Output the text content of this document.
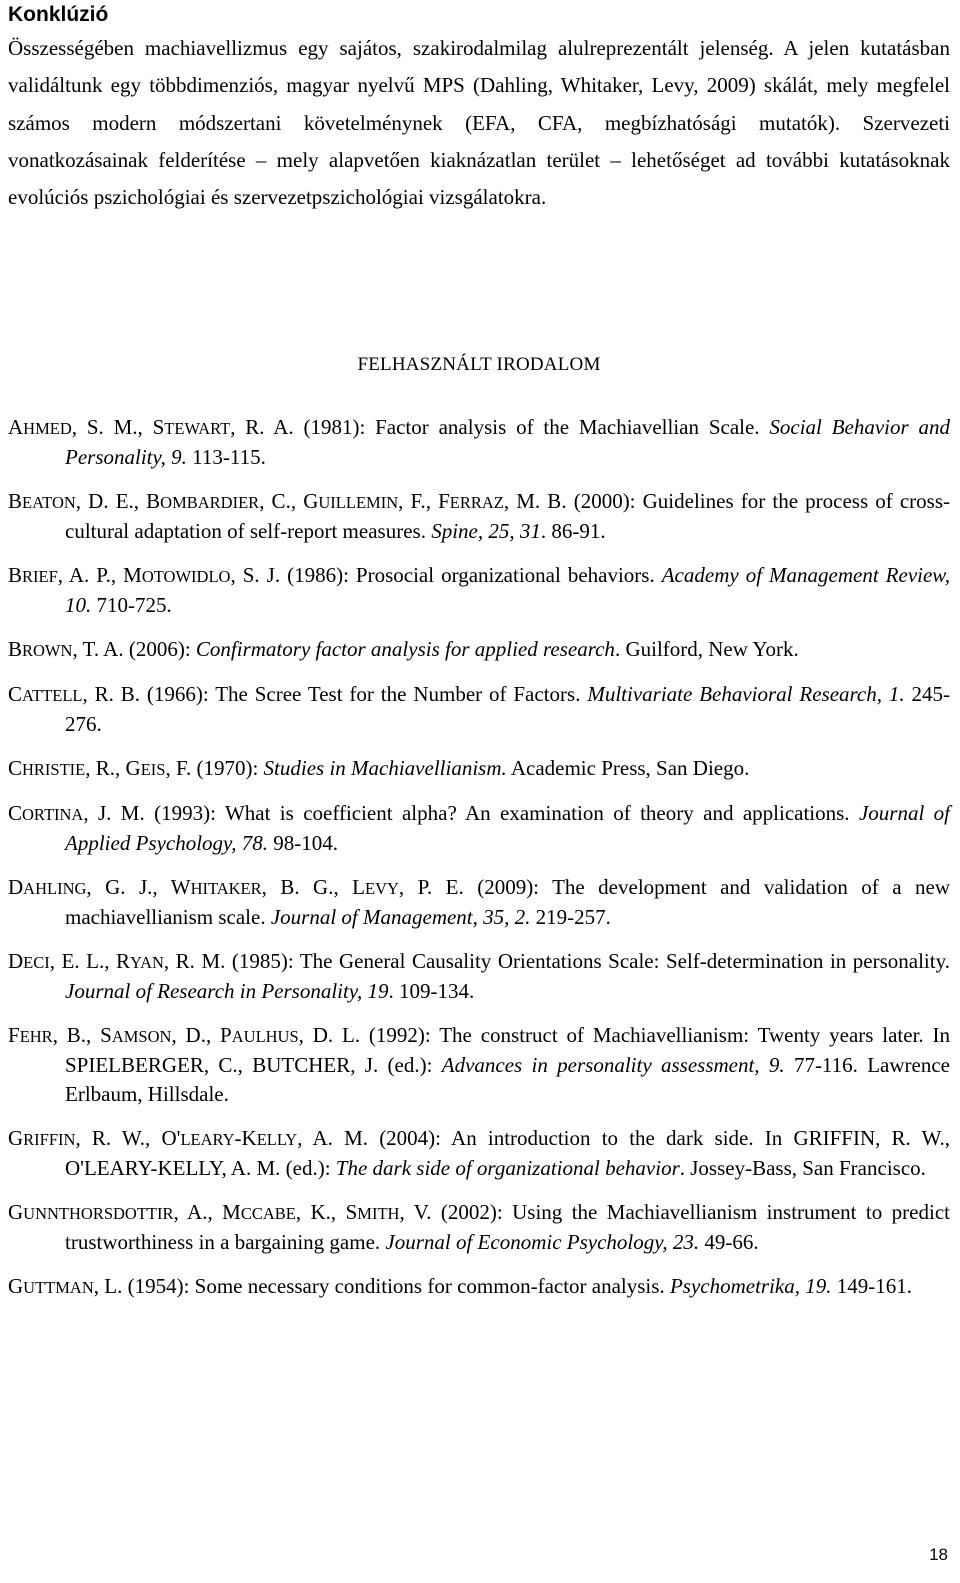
Konklúzió

Összességében machiavellizmus egy sajátos, szakirodalmilag alulreprezentált jelenség. A jelen kutatásban validáltunk egy többdimenziós, magyar nyelvű MPS (Dahling, Whitaker, Levy, 2009) skálát, mely megfelel számos modern módszertani követelménynek (EFA, CFA, megbízhatósági mutatók). Szervezeti vonatkozásainak felderítése – mely alapvetően kiaknázatlan terület – lehetőséget ad további kutatásoknak evolúciós pszichológiai és szervezetpszichológiai vizsgálatokra.

FELHASZNÁLT IRODALOM

AHMED, S. M., STEWART, R. A. (1981): Factor analysis of the Machiavellian Scale. Social Behavior and Personality, 9. 113-115.
BEATON, D. E., BOMBARDIER, C., GUILLEMIN, F., FERRAZ, M. B. (2000): Guidelines for the process of cross-cultural adaptation of self-report measures. Spine, 25, 31. 86-91.
BRIEF, A. P., MOTOWIDLO, S. J. (1986): Prosocial organizational behaviors. Academy of Management Review, 10. 710-725.
BROWN, T. A. (2006): Confirmatory factor analysis for applied research. Guilford, New York.
CATTELL, R. B. (1966): The Scree Test for the Number of Factors. Multivariate Behavioral Research, 1. 245-276.
CHRISTIE, R., GEIS, F. (1970): Studies in Machiavellianism. Academic Press, San Diego.
CORTINA, J. M. (1993): What is coefficient alpha? An examination of theory and applications. Journal of Applied Psychology, 78. 98-104.
DAHLING, G. J., WHITAKER, B. G., LEVY, P. E. (2009): The development and validation of a new machiavellianism scale. Journal of Management, 35, 2. 219-257.
DECI, E. L., RYAN, R. M. (1985): The General Causality Orientations Scale: Self-determination in personality. Journal of Research in Personality, 19. 109-134.
FEHR, B., SAMSON, D., PAULHUS, D. L. (1992): The construct of Machiavellianism: Twenty years later. In SPIELBERGER, C., BUTCHER, J. (ed.): Advances in personality assessment, 9. 77-116. Lawrence Erlbaum, Hillsdale.
GRIFFIN, R. W., O'LEARY-KELLY, A. M. (2004): An introduction to the dark side. In GRIFFIN, R. W., O'LEARY-KELLY, A. M. (ed.): The dark side of organizational behavior. Jossey-Bass, San Francisco.
GUNNTHORSDOTTIR, A., MCCABE, K., SMITH, V. (2002): Using the Machiavellianism instrument to predict trustworthiness in a bargaining game. Journal of Economic Psychology, 23. 49-66.
GUTTMAN, L. (1954): Some necessary conditions for common-factor analysis. Psychometrika, 19. 149-161.
18
